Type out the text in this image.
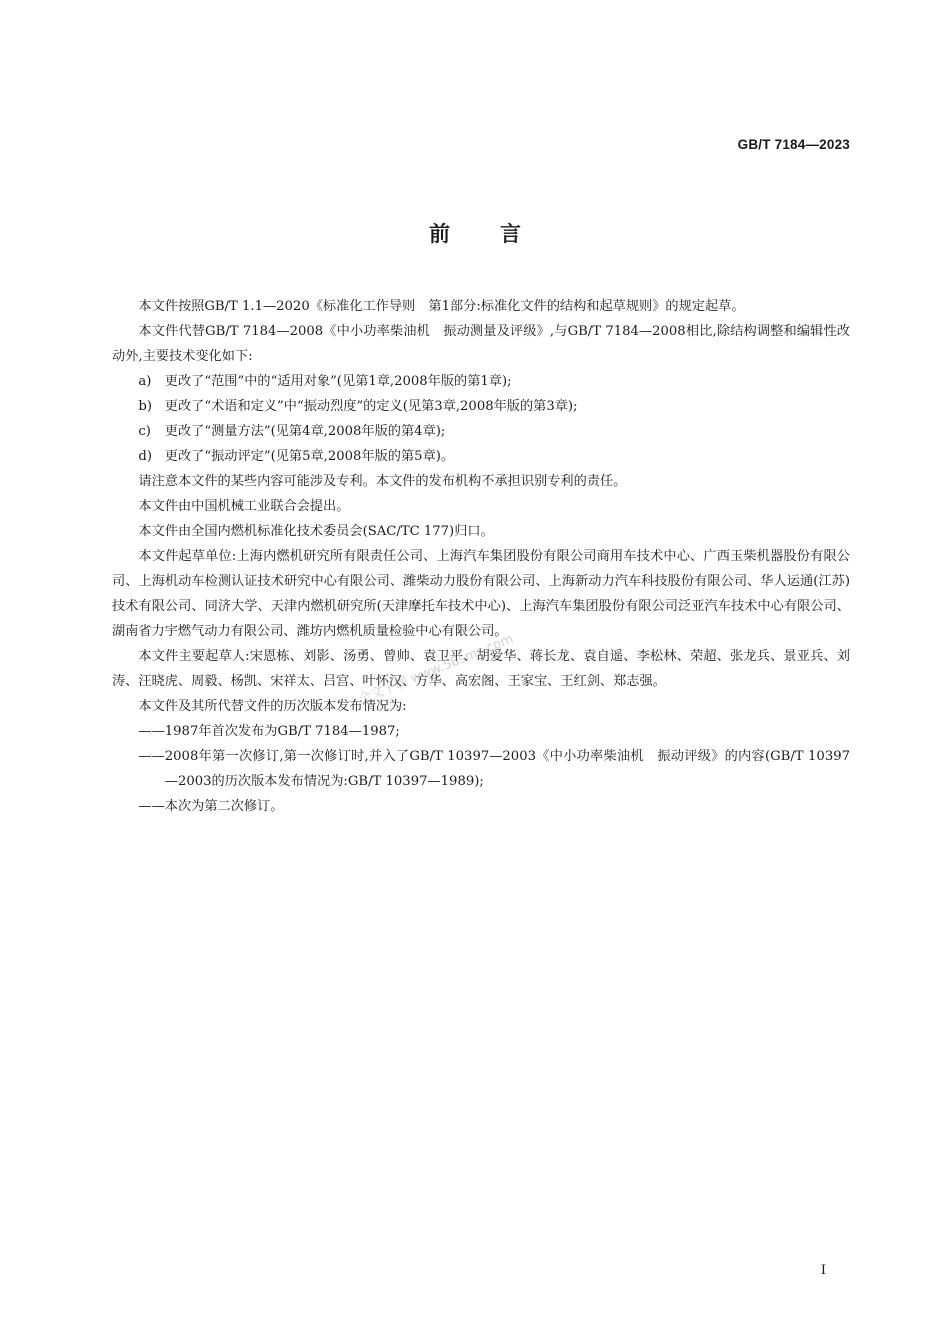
GB/T 7184—2023
前言

本文件按照GB/T 1.1—2020《标准化工作导则　第1部分:标准化文件的结构和起草规则》的规定起草。

本文件代替GB/T 7184—2008《中小功率柴油机　振动测量及评级》,与GB/T 7184—2008相比,除结构调整和编辑性改动外,主要技术变化如下:

a) 更改了“范围”中的“适用对象”(见第1章,2008年版的第1章);

b) 更改了“术语和定义”中“振动烈度”的定义(见第3章,2008年版的第3章);

c) 更改了“测量方法”(见第4章,2008年版的第4章);

d) 更改了“振动评定”(见第5章,2008年版的第5章)。

请注意本文件的某些内容可能涉及专利。本文件的发布机构不承担识别专利的责任。

本文件由中国机械工业联合会提出。

本文件由全国内燃机标准化技术委员会(SAC/TC 177)归口。

本文件起草单位:上海内燃机研究所有限责任公司、上海汽车集团股份有限公司商用车技术中心、广西玉柴机器股份有限公司、上海机动车检测认证技术研究中心有限公司、潍柴动力股份有限公司、上海新动力汽车科技股份有限公司、华人运通(江苏)技术有限公司、同济大学、天津内燃机研究所(天津摩托车技术中心)、上海汽车集团股份有限公司泛亚汽车技术中心有限公司、湖南省力宇燃气动力有限公司、潍坊内燃机质量检验中心有限公司。

本文件主要起草人:宋恩栋、刘影、汤勇、曾帅、袁卫平、胡爱华、蒋长龙、袁自遥、李松林、荣超、张龙兵、景亚兵、刘涛、汪晓虎、周毅、杨凯、宋祥太、吕宫、叶怀汉、方华、高宏阁、王家宝、王红剑、郑志强。

本文件及其所代替文件的历次版本发布情况为:

——1987年首次发布为GB/T 7184—1987;

——2008年第一次修订,第一次修订时,并入了GB/T 10397—2003《中小功率柴油机　振动评级》的内容(GB/T 10397—2003的历次版本发布情况为:GB/T 10397—1989);

——本次为第二次修订。

全文下载 www.58sms.com
I
